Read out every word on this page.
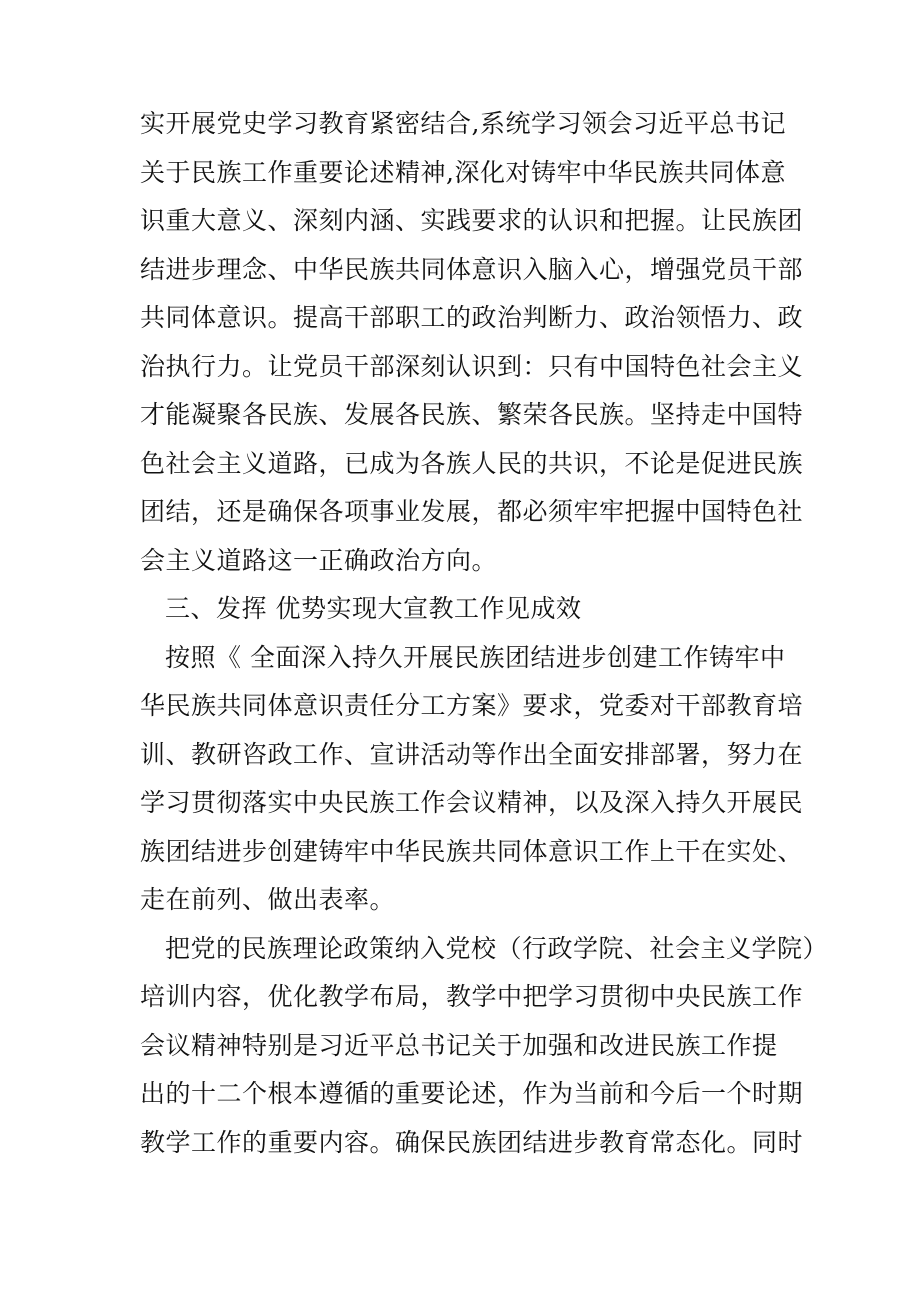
实开展党史学习教育紧密结合,系统学习领会习近平总书记
关于民族工作重要论述精神,深化对铸牢中华民族共同体意
识重大意义、深刻内涵、实践要求的认识和把握。让民族团
结进步理念、中华民族共同体意识入脑入心，增强党员干部
共同体意识。提高干部职工的政治判断力、政治领悟力、政
治执行力。让党员干部深刻认识到：只有中国特色社会主义
才能凝聚各民族、发展各民族、繁荣各民族。坚持走中国特
色社会主义道路，已成为各族人民的共识，不论是促进民族
团结，还是确保各项事业发展，都必须牢牢把握中国特色社
会主义道路这一正确政治方向。
三、发挥 优势实现大宣教工作见成效
按照《 全面深入持久开展民族团结进步创建工作铸牢中
华民族共同体意识责任分工方案》要求，党委对干部教育培
训、教研咨政工作、宣讲活动等作出全面安排部署，努力在
学习贯彻落实中央民族工作会议精神，以及深入持久开展民
族团结进步创建铸牢中华民族共同体意识工作上干在实处、
走在前列、做出表率。
把党的民族理论政策纳入党校（行政学院、社会主义学院）
培训内容，优化教学布局，教学中把学习贯彻中央民族工作
会议精神特别是习近平总书记关于加强和改进民族工作提
出的十二个根本遵循的重要论述，作为当前和今后一个时期
教学工作的重要内容。确保民族团结进步教育常态化。同时
